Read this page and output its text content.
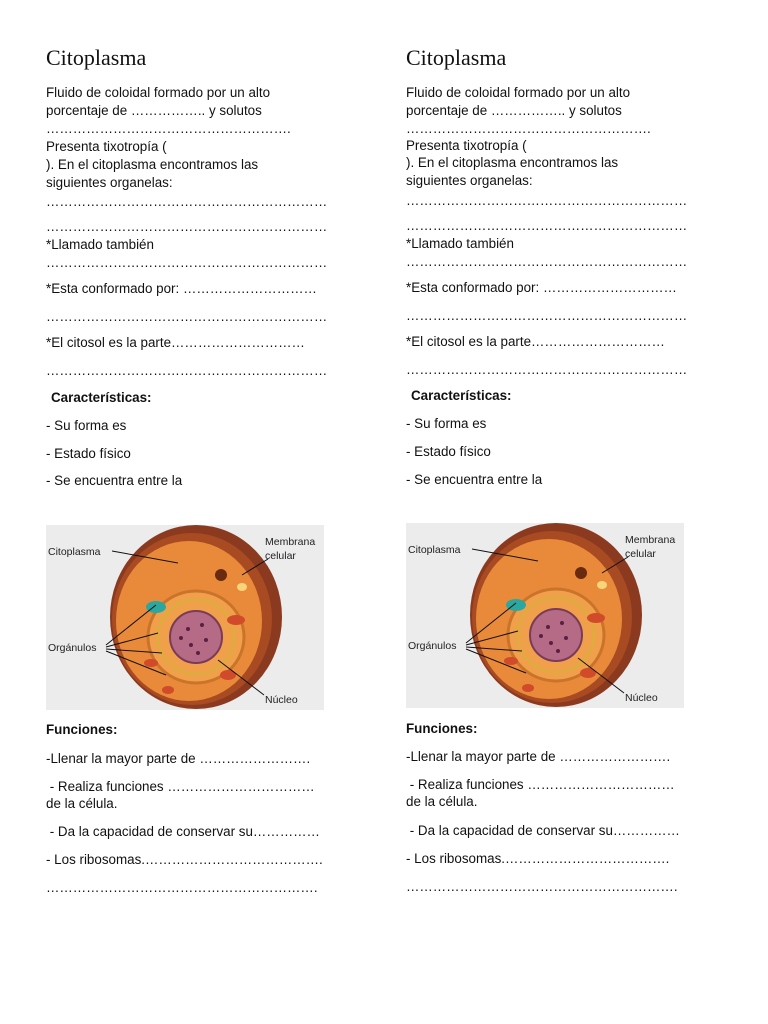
Citoplasma
Fluido de coloidal formado por un alto
porcentaje de …………….. y solutos
……………………………………………….
Presenta tixotropía (
). En el citoplasma encontramos las
siguientes organelas:
………………………………………………………
………………………………………………………
*Llamado también
………………………………………………………
*Esta conformado por: …………………………
………………………………………………………
*El citosol es la parte…………………………
………………………………………………………
Características:
- Su forma es
- Estado físico
- Se encuentra entre la
Citoplasma
Membrana
celular
Orgánulos
Núcleo
Funciones:
-Llenar la mayor parte de …………………….
- Realiza funciones ……………………………
de la célula.
- Da la capacidad de conservar su……………
- Los ribosomas.………………………………….
…………………………………………………….
Citoplasma
Fluido de coloidal formado por un alto
porcentaje de …………….. y solutos
……………………………………………….
Presenta tixotropía (
). En el citoplasma encontramos las
siguientes organelas:
………………………………………………………
………………………………………………………
*Llamado también
………………………………………………………
*Esta conformado por: …………………………
………………………………………………………
*El citosol es la parte…………………………
………………………………………………………
Características:
- Su forma es
- Estado físico
- Se encuentra entre la
Citoplasma
Membrana
celular
Orgánulos
Núcleo
Funciones:
-Llenar la mayor parte de …………………….
- Realiza funciones ……………………………
de la célula.
- Da la capacidad de conservar su……………
- Los ribosomas.……………………………….
…………………………………………………….
